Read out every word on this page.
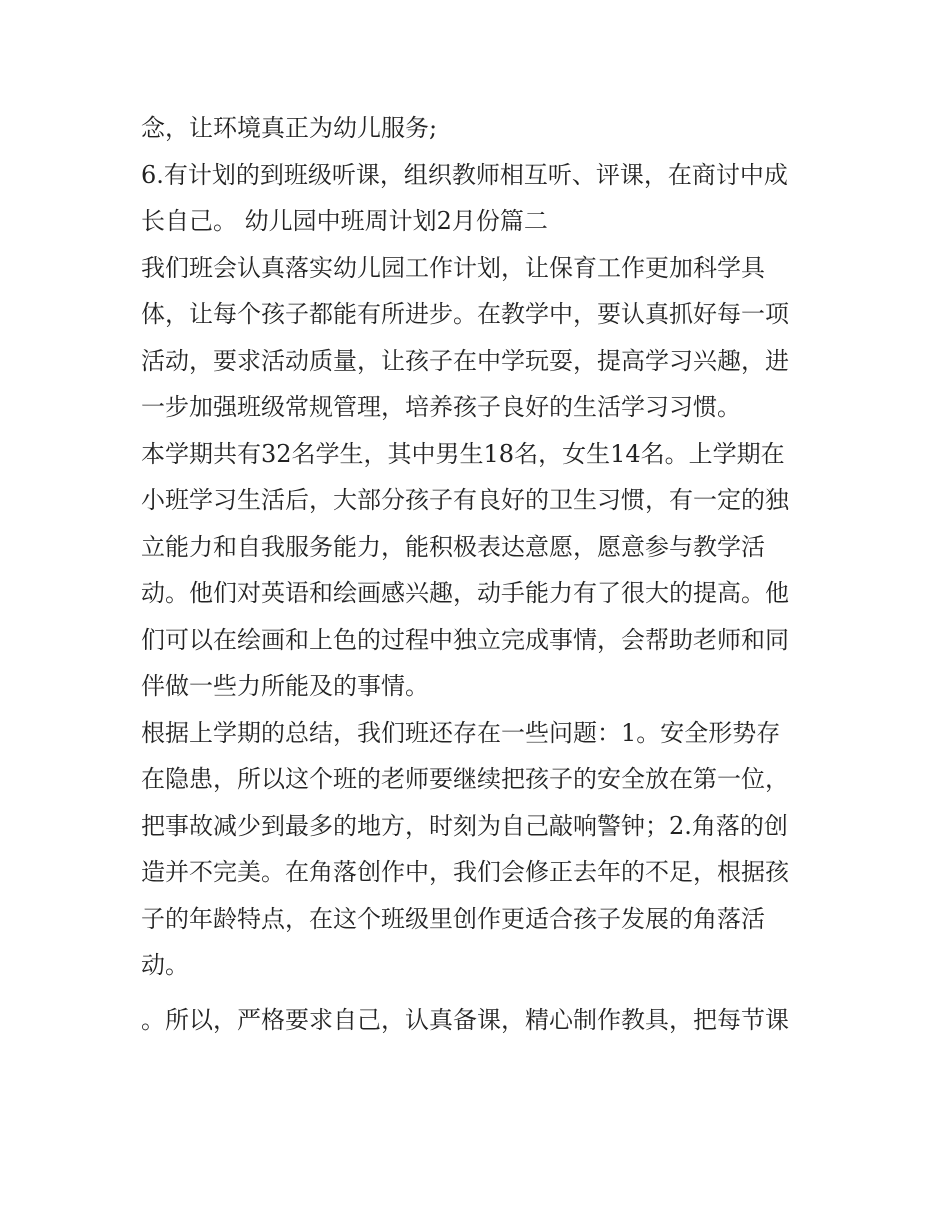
念，让环境真正为幼儿服务;
6.有计划的到班级听课，组织教师相互听、评课，在商讨中成
长自己。 幼儿园中班周计划2月份篇二
我们班会认真落实幼儿园工作计划，让保育工作更加科学具
体，让每个孩子都能有所进步。在教学中，要认真抓好每一项
活动，要求活动质量，让孩子在中学玩耍，提高学习兴趣，进
一步加强班级常规管理，培养孩子良好的生活学习习惯。
本学期共有32名学生，其中男生18名，女生14名。上学期在
小班学习生活后，大部分孩子有良好的卫生习惯，有一定的独
立能力和自我服务能力，能积极表达意愿，愿意参与教学活
动。他们对英语和绘画感兴趣，动手能力有了很大的提高。他
们可以在绘画和上色的过程中独立完成事情，会帮助老师和同
伴做一些力所能及的事情。
根据上学期的总结，我们班还存在一些问题：1。安全形势存
在隐患，所以这个班的老师要继续把孩子的安全放在第一位，
把事故减少到最多的地方，时刻为自己敲响警钟；2.角落的创
造并不完美。在角落创作中，我们会修正去年的不足，根据孩
子的年龄特点，在这个班级里创作更适合孩子发展的角落活
动。
。所以，严格要求自己，认真备课，精心制作教具，把每节课
